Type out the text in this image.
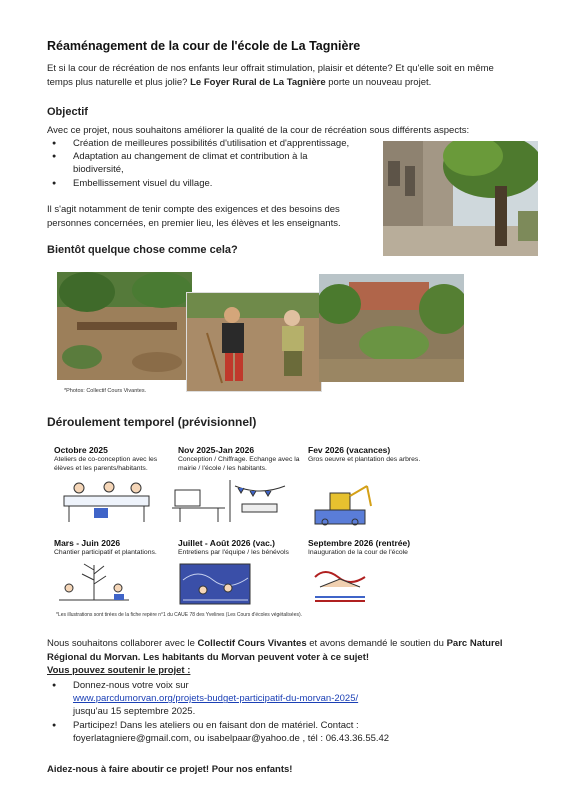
Réaménagement de la cour de l'école de La Tagnière
Et si la cour de récréation de nos enfants leur offrait stimulation, plaisir et détente? Et qu'elle soit en même temps plus naturelle et plus jolie? Le Foyer Rural de La Tagnière porte un nouveau projet.
Objectif
Avec ce projet, nous souhaitons améliorer la qualité de la cour de récréation sous différents aspects:
● Création de meilleures possibilités d'utilisation et d'apprentissage,
● Adaptation au changement de climat et contribution à la
biodiversité,
● Embellissement visuel du village.
Il s'agit notamment de tenir compte des exigences et des besoins des personnes concernées, en premier lieu, les élèves et les enseignants.
Bientôt quelque chose comme cela?
*Photos: Collectif Cours Vivantes.
Déroulement temporel (prévisionnel)
Octobre 2025
Ateliers de co-conception avec les élèves et les parents/habitants.
Nov 2025-Jan 2026
Conception / Chiffrage. Echange avec la mairie / l'école / les habitants.
Fev 2026 (vacances)
Gros oeuvre et plantation des arbres.
Mars - Juin 2026
Chantier participatif et plantations.
Juillet - Août 2026 (vac.)
Entretiens par l'équipe / les bénévols
Septembre 2026 (rentrée)
Inauguration de la cour de l'école
*Les illustrations sont tirées de la fiche repère n°1 du CAUE 78 des Yvelines (Les Cours d'écoles végétalisées).
Nous souhaitons collaborer avec le Collectif Cours Vivantes et avons demandé le soutien du Parc Naturel Régional du Morvan. Les habitants du Morvan peuvent voter à ce sujet!
Vous pouvez soutenir le projet :
● Donnez-nous votre voix sur
www.parcdumorvan.org/projets-budget-participatif-du-morvan-2025/
jusqu'au 15 septembre 2025.
● Participez! Dans les ateliers ou en faisant don de matériel. Contact :
foyerlatagniere@gmail.com, ou isabelpaar@yahoo.de , tél : 06.43.36.55.42
Aidez-nous à faire aboutir ce projet! Pour nos enfants!
